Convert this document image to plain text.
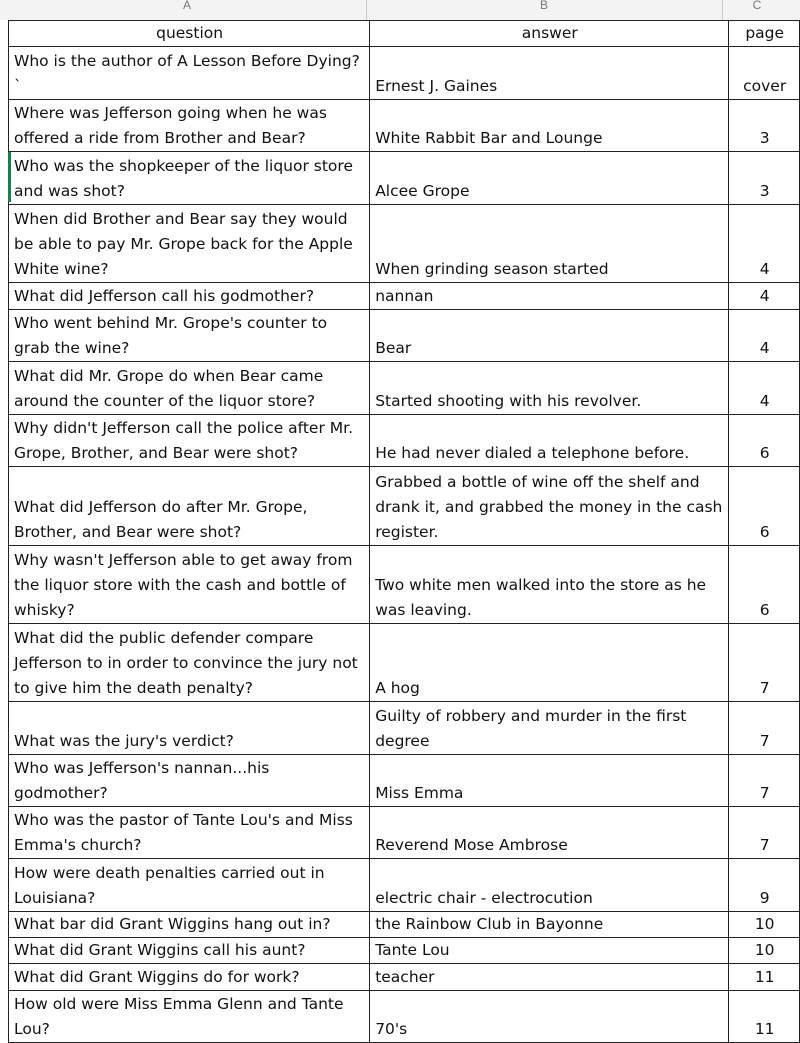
A	B	C
question	answer	page
Who is the author of A Lesson Before Dying?`	Ernest J. Gaines	cover
Where was Jefferson going when he was offered a ride from Brother and Bear?	White Rabbit Bar and Lounge	3
Who was the shopkeeper of the liquor store and was shot?	Alcee Grope	3
When did Brother and Bear say they would be able to pay Mr. Grope back for the Apple White wine?	When grinding season started	4
What did Jefferson call his godmother?	nannan	4
Who went behind Mr. Grope's counter to grab the wine?	Bear	4
What did Mr. Grope do when Bear came around the counter of the liquor store?	Started shooting with his revolver.	4
Why didn't Jefferson call the police after Mr. Grope, Brother, and Bear were shot?	He had never dialed a telephone before.	6
What did Jefferson do after Mr. Grope, Brother, and Bear were shot?	Grabbed a bottle of wine off the shelf and drank it, and grabbed the money in the cash register.	6
Why wasn't Jefferson able to get away from the liquor store with the cash and bottle of whisky?	Two white men walked into the store as he was leaving.	6
What did the public defender compare Jefferson to in order to convince the jury not to give him the death penalty?	A hog	7
What was the jury's verdict?	Guilty of robbery and murder in the first degree	7
Who was Jefferson's nannan...his godmother?	Miss Emma	7
Who was the pastor of Tante Lou's and Miss Emma's church?	Reverend Mose Ambrose	7
How were death penalties carried out in Louisiana?	electric chair - electrocution	9
What bar did Grant Wiggins hang out in?	the Rainbow Club in Bayonne	10
What did Grant Wiggins call his aunt?	Tante Lou	10
What did Grant Wiggins do for work?	teacher	11
How old were Miss Emma Glenn and Tante Lou?	70's	11
